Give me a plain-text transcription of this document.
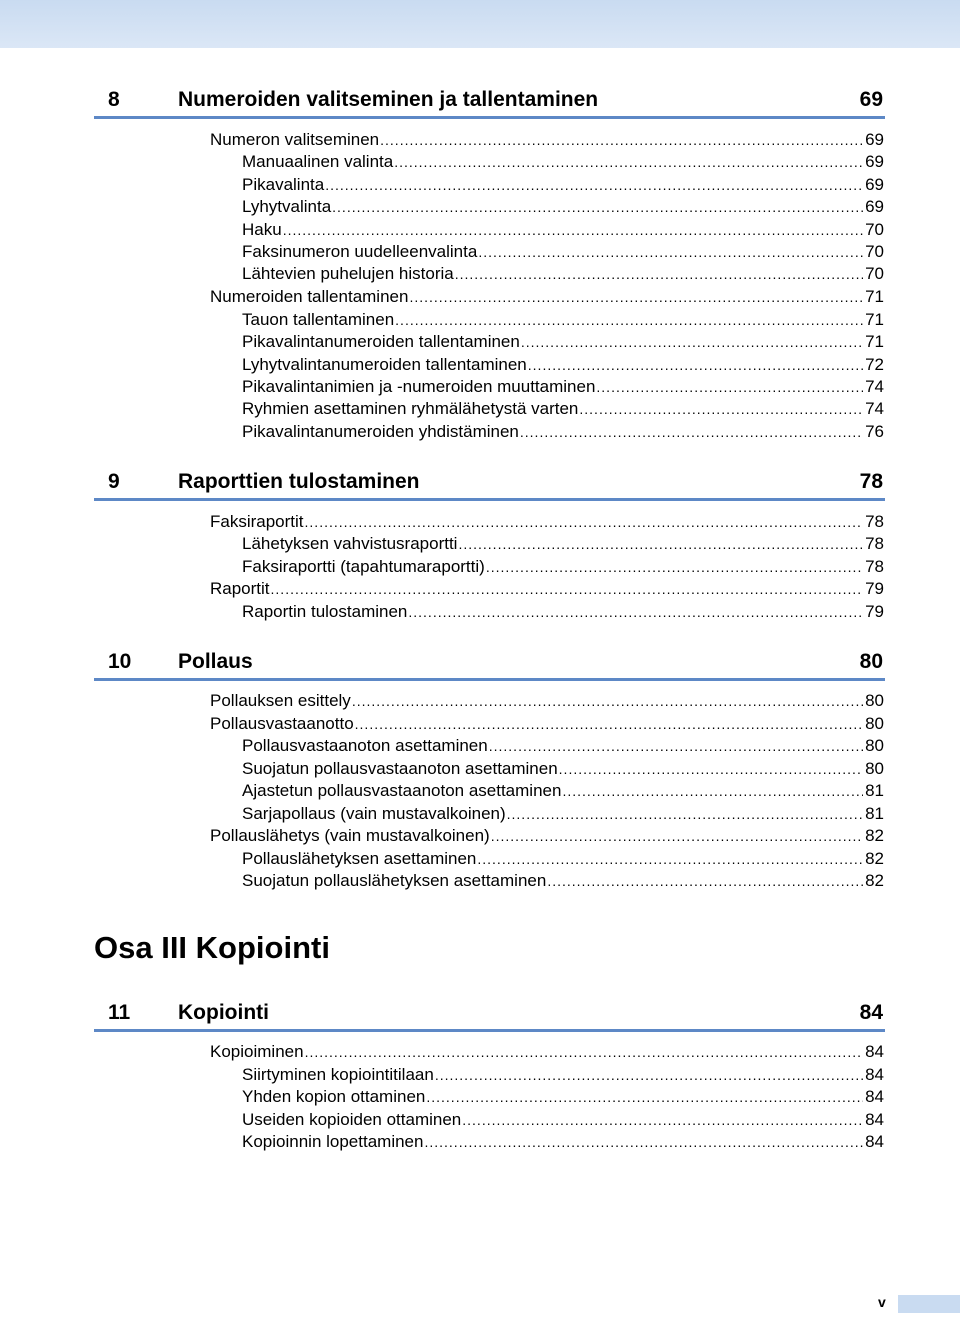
8	Numeroiden valitseminen ja tallentaminen	69
Numeron valitseminen .....	69
Manuaalinen valinta .....	69
Pikavalinta .....	69
Lyhytvalinta .....	69
Haku .....	70
Faksinumeron uudelleenvalinta .....	70
Lähtevien puhelujen historia .....	70
Numeroiden tallentaminen .....	71
Tauon tallentaminen .....	71
Pikavalintanumeroiden tallentaminen .....	71
Lyhytvalintanumeroiden tallentaminen .....	72
Pikavalintanimien ja -numeroiden muuttaminen .....	74
Ryhmien asettaminen ryhmälähetystä varten .....	74
Pikavalintanumeroiden yhdistäminen .....	76
9	Raporttien tulostaminen	78
Faksiraportit .....	78
Lähetyksen vahvistusraportti .....	78
Faksiraportti (tapahtumaraportti) .....	78
Raportit .....	79
Raportin tulostaminen .....	79
10 Pollaus	80
Pollauksen esittely .....	80
Pollausvastaanotto .....	80
Pollausvastaanoton asettaminen .....	80
Suojatun pollausvastaanoton asettaminen .....	80
Ajastetun pollausvastaanoton asettaminen .....	81
Sarjapollaus (vain mustavalkoinen) .....	81
Pollauslähetys (vain mustavalkoinen) .....	82
Pollauslähetyksen asettaminen .....	82
Suojatun pollauslähetyksen asettaminen .....	82
Osa III Kopiointi
11 Kopiointi	84
Kopioiminen .....	84
Siirtyminen kopiointitilaan .....	84
Yhden kopion ottaminen .....	84
Useiden kopioiden ottaminen .....	84
Kopioinnin lopettaminen .....	84
v
